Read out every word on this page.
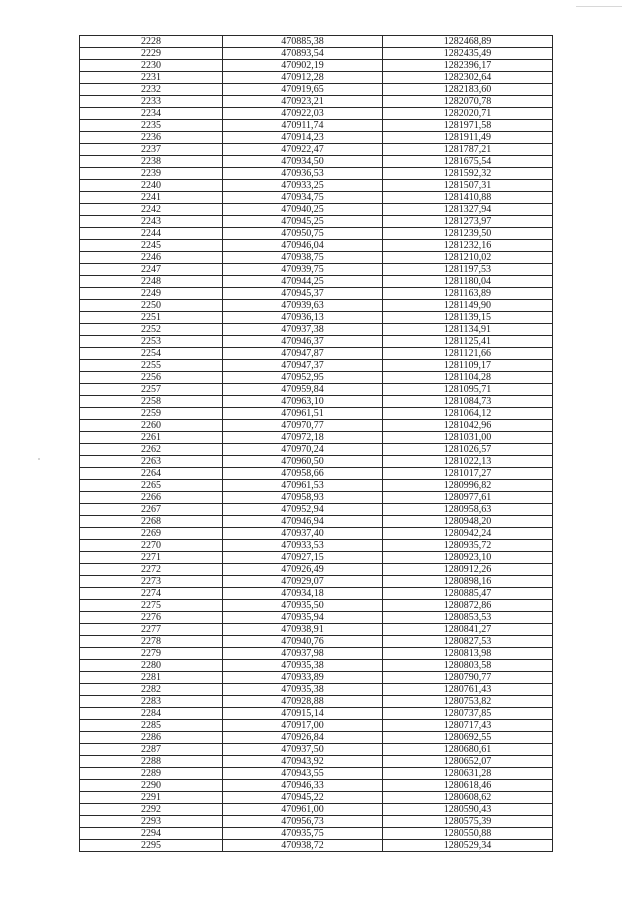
2228	470885,38	1282468,89
2229	470893,54	1282435,49
2230	470902,19	1282396,17
2231	470912,28	1282302,64
2232	470919,65	1282183,60
2233	470923,21	1282070,78
2234	470922,03	1282020,71
2235	470911,74	1281971,58
2236	470914,23	1281911,49
2237	470922,47	1281787,21
2238	470934,50	1281675,54
2239	470936,53	1281592,32
2240	470933,25	1281507,31
2241	470934,75	1281410,88
2242	470940,25	1281327,94
2243	470945,25	1281273,97
2244	470950,75	1281239,50
2245	470946,04	1281232,16
2246	470938,75	1281210,02
2247	470939,75	1281197,53
2248	470944,25	1281180,04
2249	470945,37	1281163,89
2250	470939,63	1281149,90
2251	470936,13	1281139,15
2252	470937,38	1281134,91
2253	470946,37	1281125,41
2254	470947,87	1281121,66
2255	470947,37	1281109,17
2256	470952,95	1281104,28
2257	470959,84	1281095,71
2258	470963,10	1281084,73
2259	470961,51	1281064,12
2260	470970,77	1281042,96
2261	470972,18	1281031,00
2262	470970,24	1281026,57
2263	470960,50	1281022,13
2264	470958,66	1281017,27
2265	470961,53	1280996,82
2266	470958,93	1280977,61
2267	470952,94	1280958,63
2268	470946,94	1280948,20
2269	470937,40	1280942,24
2270	470933,53	1280935,72
2271	470927,15	1280923,10
2272	470926,49	1280912,26
2273	470929,07	1280898,16
2274	470934,18	1280885,47
2275	470935,50	1280872,86
2276	470935,94	1280853,53
2277	470938,91	1280841,27
2278	470940,76	1280827,53
2279	470937,98	1280813,98
2280	470935,38	1280803,58
2281	470933,89	1280790,77
2282	470935,38	1280761,43
2283	470928,88	1280753,82
2284	470915,14	1280737,85
2285	470917,00	1280717,43
2286	470926,84	1280692,55
2287	470937,50	1280680,61
2288	470943,92	1280652,07
2289	470943,55	1280631,28
2290	470946,33	1280618,46
2291	470945,22	1280608,62
2292	470961,00	1280590,43
2293	470956,73	1280575,39
2294	470935,75	1280550,88
2295	470938,72	1280529,34
